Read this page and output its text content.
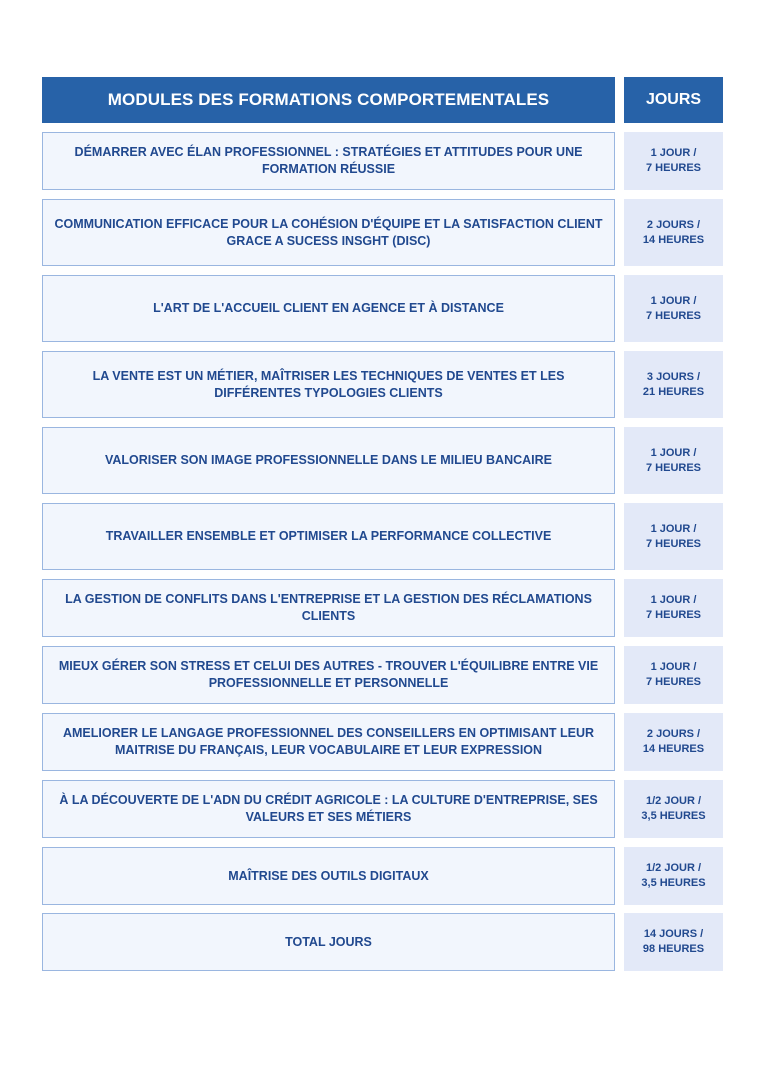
MODULES DES FORMATIONS COMPORTEMENTALES	JOURS
DÉMARRER AVEC ÉLAN PROFESSIONNEL : STRATÉGIES ET ATTITUDES POUR UNE FORMATION RÉUSSIE
1 JOUR /
7 HEURES
COMMUNICATION EFFICACE POUR LA COHÉSION D'ÉQUIPE ET LA SATISFACTION CLIENT GRACE A SUCESS INSGHT (DISC)
2 JOURS /
14 HEURES
L'ART DE L'ACCUEIL CLIENT EN AGENCE ET À DISTANCE
1 JOUR /
7 HEURES
LA VENTE EST UN MÉTIER, MAÎTRISER LES TECHNIQUES DE VENTES ET LES DIFFÉRENTES TYPOLOGIES CLIENTS
3 JOURS /
21 HEURES
VALORISER SON IMAGE PROFESSIONNELLE DANS LE MILIEU BANCAIRE
1 JOUR /
7 HEURES
TRAVAILLER ENSEMBLE ET OPTIMISER LA PERFORMANCE COLLECTIVE
1 JOUR /
7 HEURES
LA GESTION DE CONFLITS DANS L'ENTREPRISE ET LA GESTION DES RÉCLAMATIONS CLIENTS
1 JOUR /
7 HEURES
MIEUX GÉRER SON STRESS ET CELUI DES AUTRES - TROUVER L'ÉQUILIBRE ENTRE VIE PROFESSIONNELLE ET PERSONNELLE
1 JOUR /
7 HEURES
AMELIORER LE LANGAGE PROFESSIONNEL DES CONSEILLERS EN OPTIMISANT LEUR MAITRISE DU FRANÇAIS, LEUR VOCABULAIRE ET LEUR EXPRESSION
2 JOURS /
14 HEURES
À LA DÉCOUVERTE DE L'ADN DU CRÉDIT AGRICOLE : LA CULTURE D'ENTREPRISE, SES VALEURS ET SES MÉTIERS
1/2 JOUR /
3,5 HEURES
MAÎTRISE DES OUTILS DIGITAUX
1/2 JOUR /
3,5 HEURES
TOTAL JOURS
14 JOURS /
98 HEURES
